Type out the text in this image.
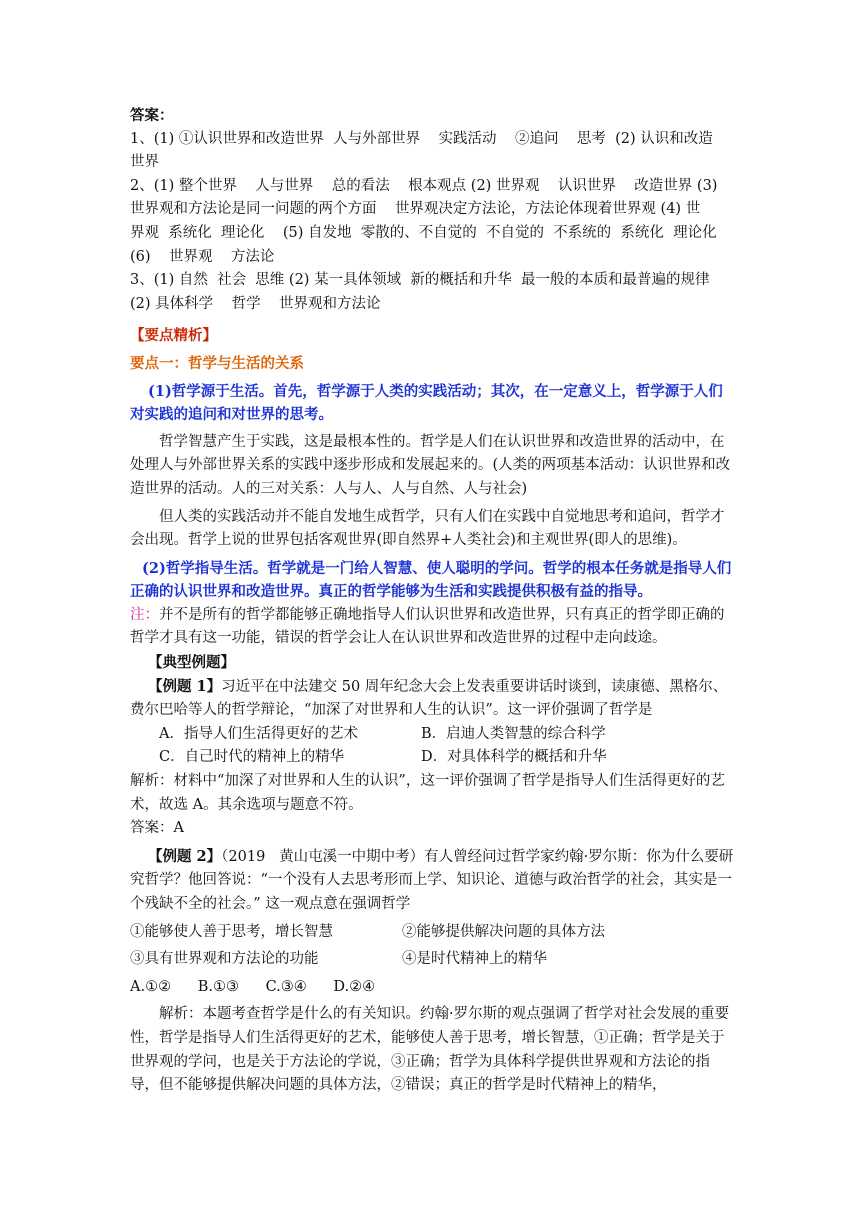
答案：

1、(1) ①认识世界和改造世界  人与外部世界    实践活动    ②追问    思考  (2) 认识和改造

世界

2、(1) 整个世界    人与世界    总的看法    根本观点 (2) 世界观    认识世界    改造世界 (3)

世界观和方法论是同一问题的两个方面    世界观决定方法论，方法论体现着世界观 (4) 世

界观  系统化  理论化    (5) 自发地  零散的、不自觉的  不自觉的  不系统的  系统化  理论化

(6)    世界观    方法论

3、(1) 自然  社会  思维 (2) 某一具体领域  新的概括和升华  最一般的本质和最普遍的规律

(2) 具体科学    哲学    世界观和方法论

【要点精析】

要点一：哲学与生活的关系

(1)哲学源于生活。首先，哲学源于人类的实践活动；其次，在一定意义上，哲学源于人们对实践的追问和对世界的思考。

哲学智慧产生于实践，这是最根本性的。哲学是人们在认识世界和改造世界的活动中，在处理人与外部世界关系的实践中逐步形成和发展起来的。(人类的两项基本活动：认识世界和改造世界的活动。人的三对关系：人与人、人与自然、人与社会)

但人类的实践活动并不能自发地生成哲学，只有人们在实践中自觉地思考和追问，哲学才会出现。哲学上说的世界包括客观世界(即自然界+人类社会)和主观世界(即人的思维)。

(2)哲学指导生活。哲学就是一门给人智慧、使人聪明的学问。哲学的根本任务就是指导人们正确的认识世界和改造世界。真正的哲学能够为生活和实践提供积极有益的指导。

注：并不是所有的哲学都能够正确地指导人们认识世界和改造世界，只有真正的哲学即正确的哲学才具有这一功能，错误的哲学会让人在认识世界和改造世界的过程中走向歧途。

【典型例题】

【例题 1】习近平在中法建交 50 周年纪念大会上发表重要讲话时谈到，读康德、黑格尔、费尔巴哈等人的哲学辩论，“加深了对世界和人生的认识”。这一评价强调了哲学是

A．指导人们生活得更好的艺术	B．启迪人类智慧的综合科学
C．自己时代的精神上的精华	D．对具体科学的概括和升华

解析：材料中“加深了对世界和人生的认识”，这一评价强调了哲学是指导人们生活得更好的艺术，故选 A。其余选项与题意不符。

答案：A

【例题 2】（2019   黄山屯溪一中期中考）有人曾经问过哲学家约翰·罗尔斯：你为什么要研究哲学？他回答说：“一个没有人去思考形而上学、知识论、道德与政治哲学的社会，其实是一个残缺不全的社会。” 这一观点意在强调哲学

①能够使人善于思考，增长智慧	②能够提供解决问题的具体方法
③具有世界观和方法论的功能	④是时代精神上的精华
A.①② B.①③ C.③④ D.②④

解析：本题考查哲学是什么的有关知识。约翰·罗尔斯的观点强调了哲学对社会发展的重要性，哲学是指导人们生活得更好的艺术，能够使人善于思考，增长智慧，①正确；哲学是关于世界观的学问，也是关于方法论的学说，③正确；哲学为具体科学提供世界观和方法论的指导，但不能够提供解决问题的具体方法，②错误；真正的哲学是时代精神上的精华，
